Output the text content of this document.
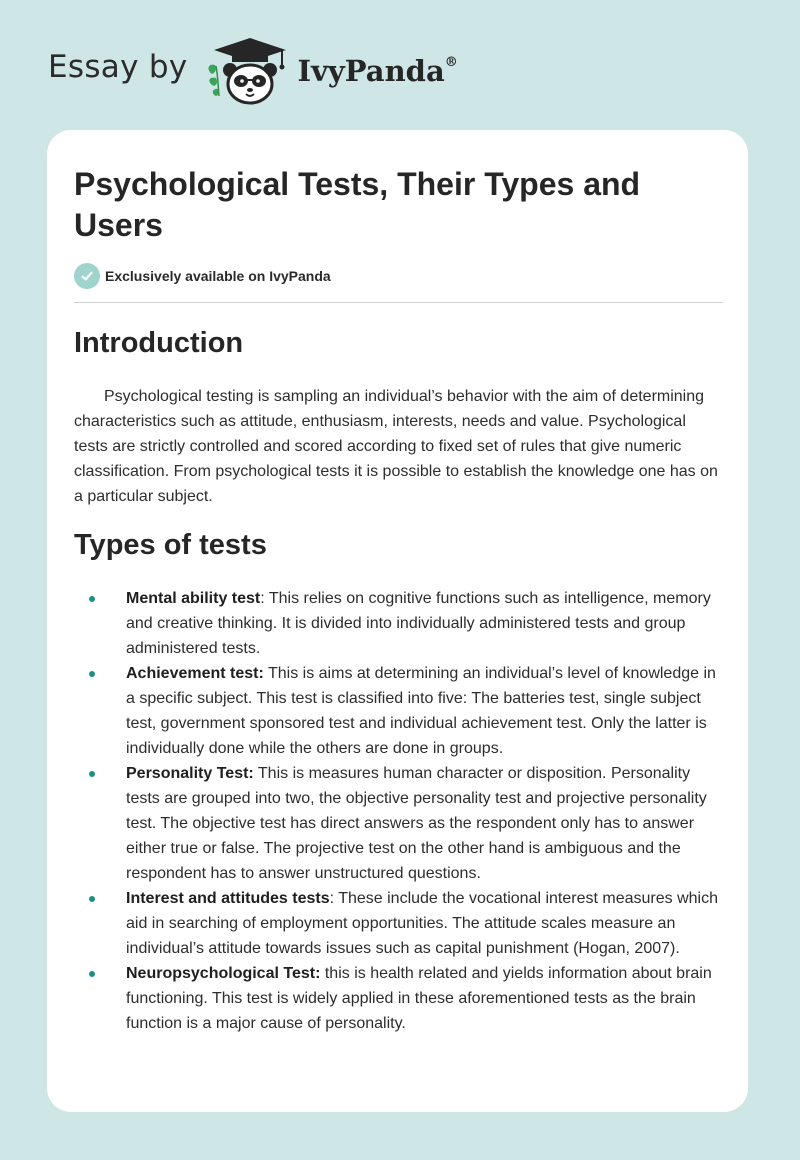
Essay by	IvyPanda®
Psychological Tests, Their Types and Users
Exclusively available on IvyPanda
Introduction

Psychological testing is sampling an individual’s behavior with the aim of determining characteristics such as attitude, enthusiasm, interests, needs and value. Psychological tests are strictly controlled and scored according to fixed set of rules that give numeric classification. From psychological tests it is possible to establish the knowledge one has on a particular subject.

Types of tests
Mental ability test: This relies on cognitive functions such as intelligence, memory and creative thinking. It is divided into individually administered tests and group administered tests.
Achievement test: This is aims at determining an individual’s level of knowledge in a specific subject. This test is classified into five: The batteries test, single subject test, government sponsored test and individual achievement test. Only the latter is individually done while the others are done in groups.
Personality Test: This is measures human character or disposition. Personality tests are grouped into two, the objective personality test and projective personality test. The objective test has direct answers as the respondent only has to answer either true or false. The projective test on the other hand is ambiguous and the respondent has to answer unstructured questions.
Interest and attitudes tests: These include the vocational interest measures which aid in searching of employment opportunities. The attitude scales measure an individual’s attitude towards issues such as capital punishment (Hogan, 2007).
Neuropsychological Test: this is health related and yields information about brain functioning. This test is widely applied in these aforementioned tests as the brain function is a major cause of personality.
